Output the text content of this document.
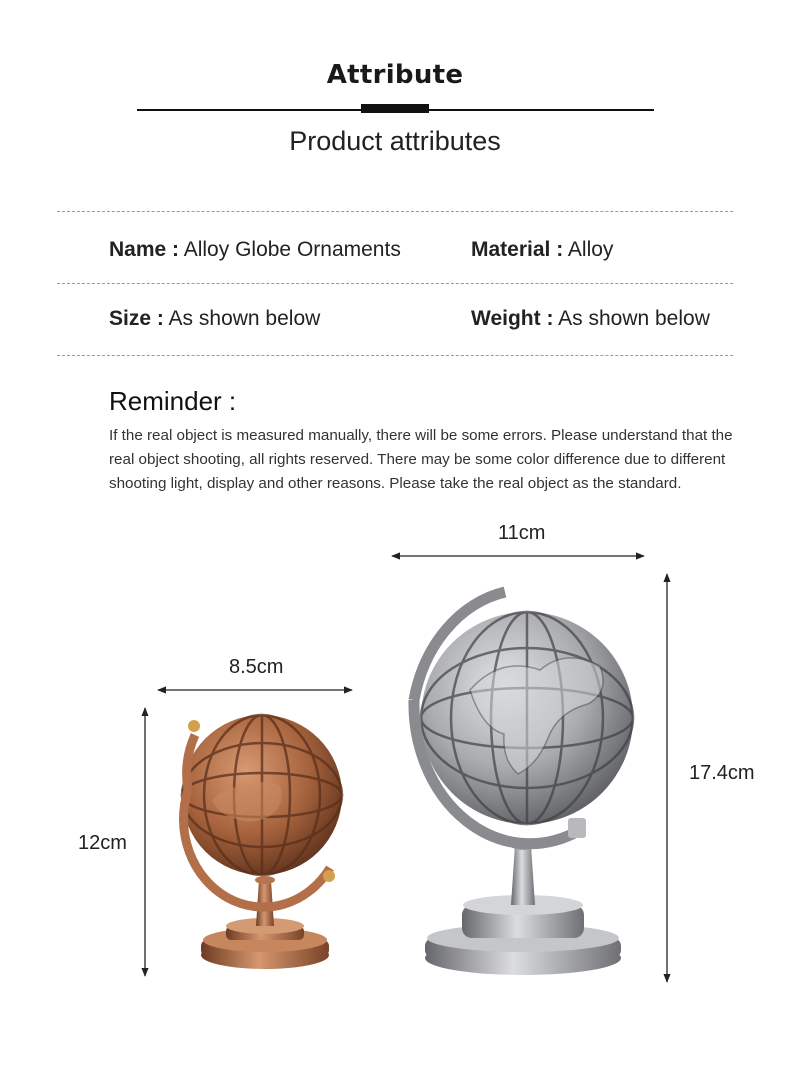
Attribute
Product attributes
Name : Alloy Globe Ornaments	Material : Alloy
Size : As shown below	Weight : As shown below
Reminder :
If the real object is measured manually, there will be some errors. Please understand that the real object shooting, all rights reserved. There may be some color difference due to different shooting light, display and other reasons. Please take the real object as the standard.
8.5cm
12cm
11cm
17.4cm
